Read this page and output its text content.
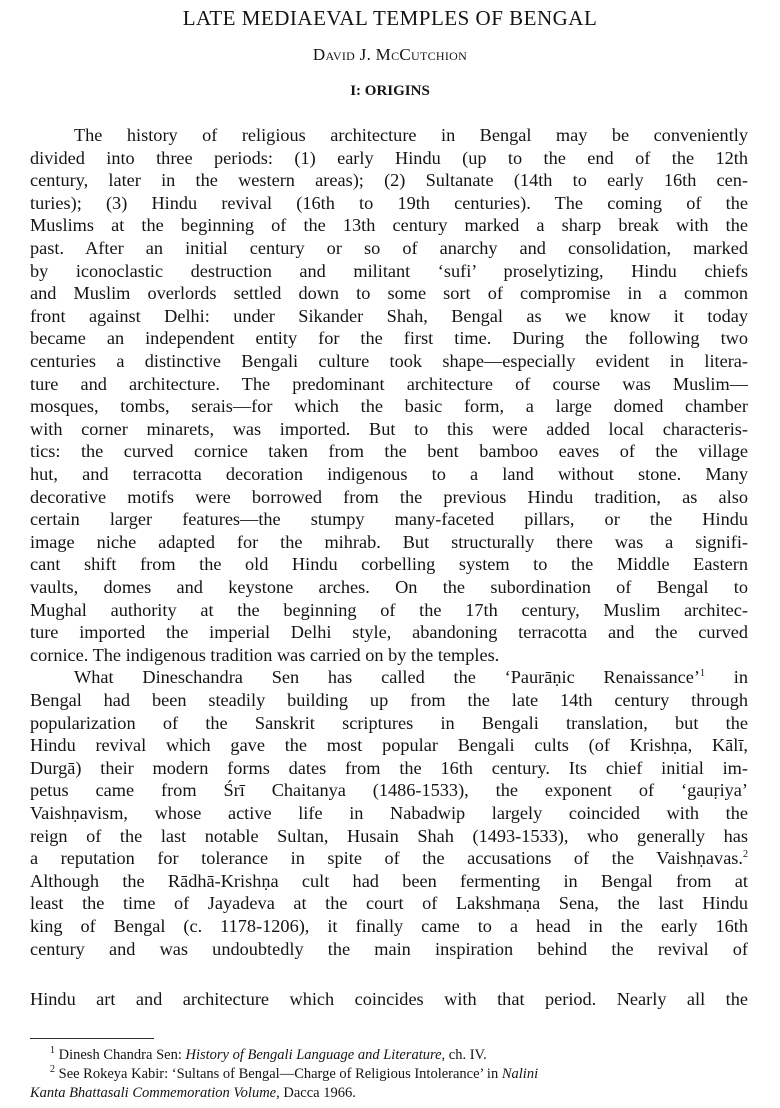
LATE MEDIAEVAL TEMPLES OF BENGAL
David J. McCutchion
I: ORIGINS
The history of religious architecture in Bengal may be conveniently
divided into three periods: (1) early Hindu (up to the end of the 12th
century, later in the western areas); (2) Sultanate (14th to early 16th cen-
turies); (3) Hindu revival (16th to 19th centuries). The coming of the
Muslims at the beginning of the 13th century marked a sharp break with the
past. After an initial century or so of anarchy and consolidation, marked
by iconoclastic destruction and militant ‘sufi’ proselytizing, Hindu chiefs
and Muslim overlords settled down to some sort of compromise in a common
front against Delhi: under Sikander Shah, Bengal as we know it today
became an independent entity for the first time. During the following two
centuries a distinctive Bengali culture took shape—especially evident in litera-
ture and architecture. The predominant architecture of course was Muslim—
mosques, tombs, serais—for which the basic form, a large domed chamber
with corner minarets, was imported. But to this were added local characteris-
tics: the curved cornice taken from the bent bamboo eaves of the village
hut, and terracotta decoration indigenous to a land without stone. Many
decorative motifs were borrowed from the previous Hindu tradition, as also
certain larger features—the stumpy many-faceted pillars, or the Hindu
image niche adapted for the mihrab. But structurally there was a signifi-
cant shift from the old Hindu corbelling system to the Middle Eastern
vaults, domes and keystone arches. On the subordination of Bengal to
Mughal authority at the beginning of the 17th century, Muslim architec-
ture imported the imperial Delhi style, abandoning terracotta and the curved
cornice. The indigenous tradition was carried on by the temples.
What Dineschandra Sen has called the ‘Paurāṇic Renaissance’$^1$ in
Bengal had been steadily building up from the late 14th century through
popularization of the Sanskrit scriptures in Bengali translation, but the
Hindu revival which gave the most popular Bengali cults (of Krishṇa, Kālī,
Durgā) their modern forms dates from the 16th century. Its chief initial im-
petus came from Śrī Chaitanya (1486-1533), the exponent of ‘gauṛiya’
Vaishṇavism, whose active life in Nabadwip largely coincided with the
reign of the last notable Sultan, Husain Shah (1493-1533), who generally has
a reputation for tolerance in spite of the accusations of the Vaishṇavas.$^2$
Although the Rādhā-Krishṇa cult had been fermenting in Bengal from at
least the time of Jayadeva at the court of Lakshmaṇa Sena, the last Hindu
king of Bengal (c. 1178-1206), it finally came to a head in the early 16th
century and was undoubtedly the main inspiration behind the revival of
Hindu art and architecture which coincides with that period. Nearly all the
$^1$ Dinesh Chandra Sen: History of Bengali Language and Literature, ch. IV.
$^2$ See Rokeya Kabir: ‘Sultans of Bengal—Charge of Religious Intolerance’ in Nalini
Kanta Bhattasali Commemoration Volume, Dacca 1966.
